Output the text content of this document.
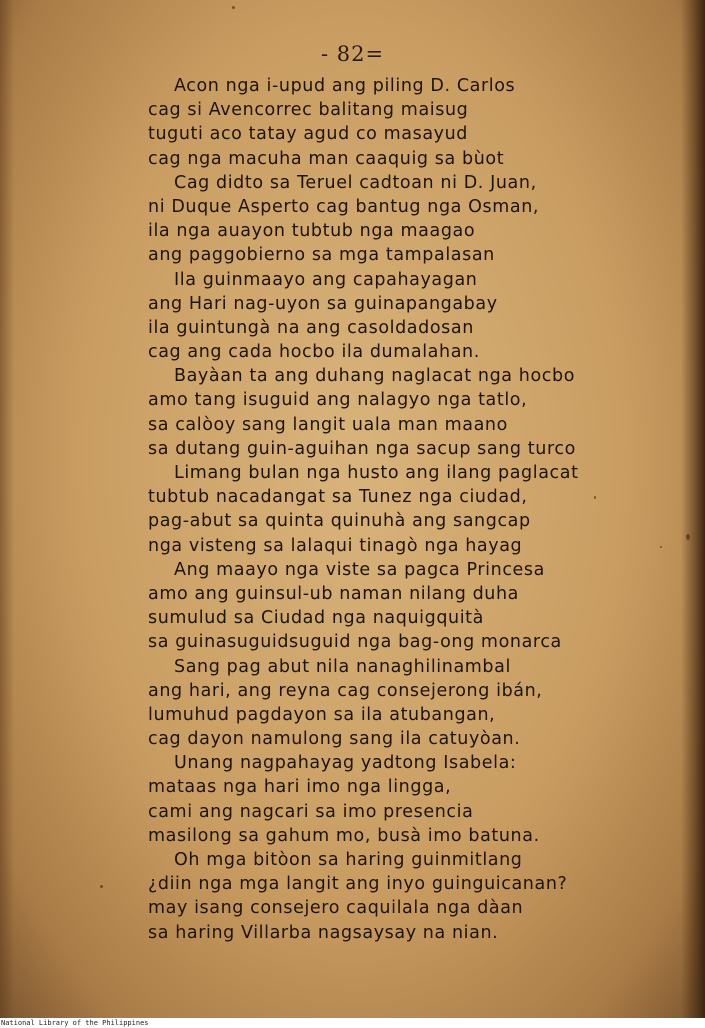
- 82=
Acon nga i-upud ang piling D. Carlos
cag si Avencorrec balitang maisug
tuguti aco tatay agud co masayud
cag nga macuha man caaquig sa bùot
Cag didto sa Teruel cadtoan ni D. Juan,
ni Duque Asperto cag bantug nga Osman,
ila nga auayon tubtub nga maagao
ang paggobierno sa mga tampalasan
Ila guinmaayo ang capahayagan
ang Hari nag-uyon sa guinapangabay
ila guintungà na ang casoldadosan
cag ang cada hocbo ila dumalahan.
Bayàan ta ang duhang naglacat nga hocbo
amo tang isuguid ang nalagyo nga tatlo,
sa calòoy sang langit uala man maano
sa dutang guin-aguihan nga sacup sang turco
Limang bulan nga husto ang ilang paglacat
tubtub nacadangat sa Tunez nga ciudad,
pag-abut sa quinta quinuhà ang sangcap
nga visteng sa lalaqui tinagò nga hayag
Ang maayo nga viste sa pagca Princesa
amo ang guinsul-ub naman nilang duha
sumulud sa Ciudad nga naquigquità
sa guinasuguidsuguid nga bag-ong monarca
Sang pag abut nila nanaghilinambal
ang hari, ang reyna cag consejerong ibán,
lumuhud pagdayon sa ila atubangan,
cag dayon namulong sang ila catuyòan.
Unang nagpahayag yadtong Isabela:
mataas nga hari imo nga lingga,
cami ang nagcari sa imo presencia
masilong sa gahum mo, busà imo batuna.
Oh mga bitòon sa haring guinmitlang
¿diin nga mga langit ang inyo guinguicanan?
may isang consejero caquilala nga dàan
sa haring Villarba nagsaysay na nian.
National Library of the Philippines
